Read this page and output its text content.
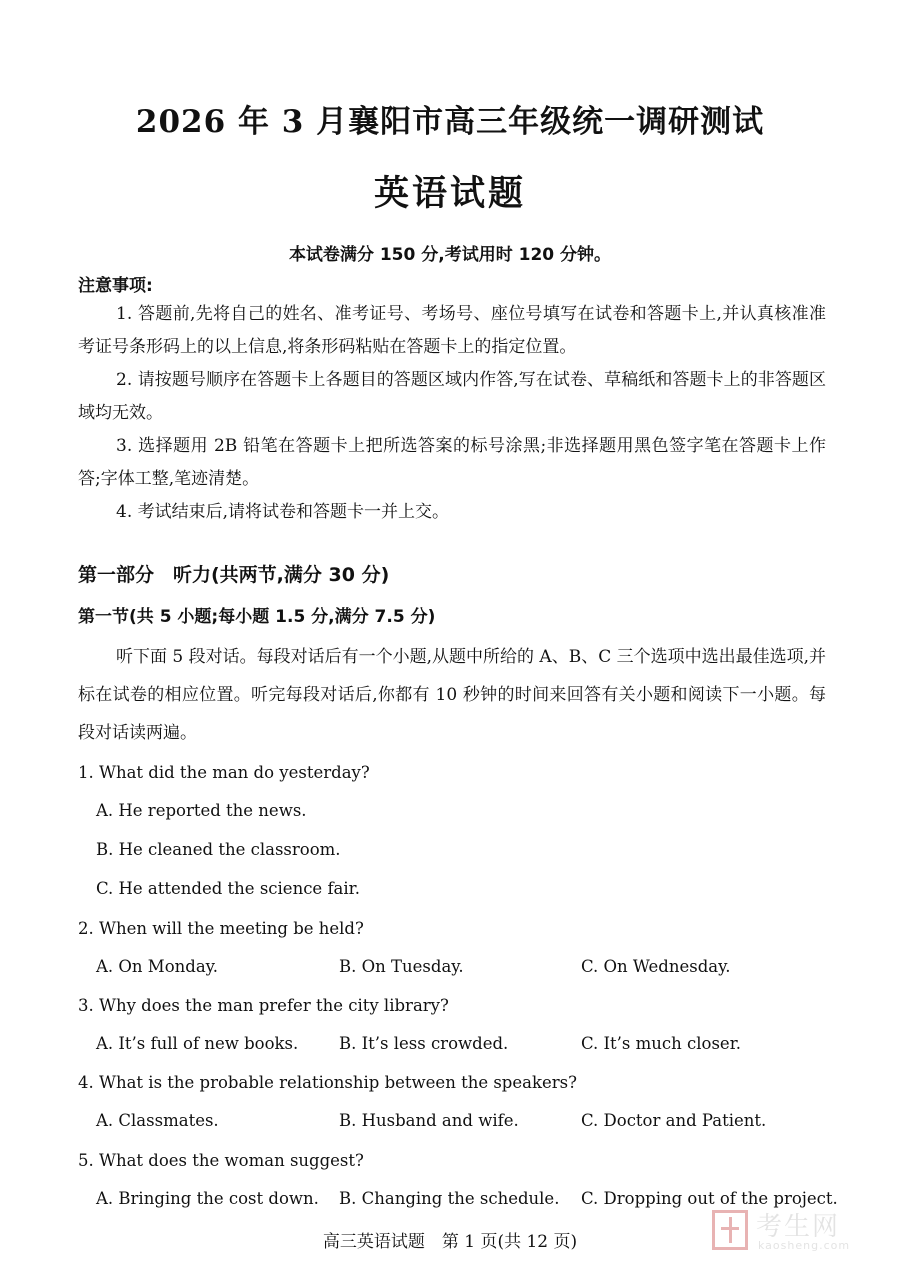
2026 年 3 月襄阳市高三年级统一调研测试
英语试题
本试卷满分 150 分,考试用时 120 分钟。
注意事项:

1. 答题前,先将自己的姓名、准考证号、考场号、座位号填写在试卷和答题卡上,并认真核准准考证号条形码上的以上信息,将条形码粘贴在答题卡上的指定位置。

2. 请按题号顺序在答题卡上各题目的答题区域内作答,写在试卷、草稿纸和答题卡上的非答题区域均无效。

3. 选择题用 2B 铅笔在答题卡上把所选答案的标号涂黑;非选择题用黑色签字笔在答题卡上作答;字体工整,笔迹清楚。

4. 考试结束后,请将试卷和答题卡一并上交。

第一部分　听力(共两节,满分 30 分)
第一节(共 5 小题;每小题 1.5 分,满分 7.5 分)

听下面 5 段对话。每段对话后有一个小题,从题中所给的 A、B、C 三个选项中选出最佳选项,并标在试卷的相应位置。听完每段对话后,你都有 10 秒钟的时间来回答有关小题和阅读下一小题。每段对话读两遍。

1. What did the man do yesterday?
A. He reported the news.
B. He cleaned the classroom.
C. He attended the science fair.
2. When will the meeting be held?
A. On Monday.	B. On Tuesday.	C. On Wednesday.
3. Why does the man prefer the city library?
A. It’s full of new books. B. It’s less crowded.	C. It’s much closer.
4. What is the probable relationship between the speakers?
A. Classmates.	B. Husband and wife.	C. Doctor and Patient.
5. What does the woman suggest?
A. Bringing the cost down. B. Changing the schedule. C. Dropping out of the project.
高三英语试题　第 1 页(共 12 页)	考生网
kaosheng.com
